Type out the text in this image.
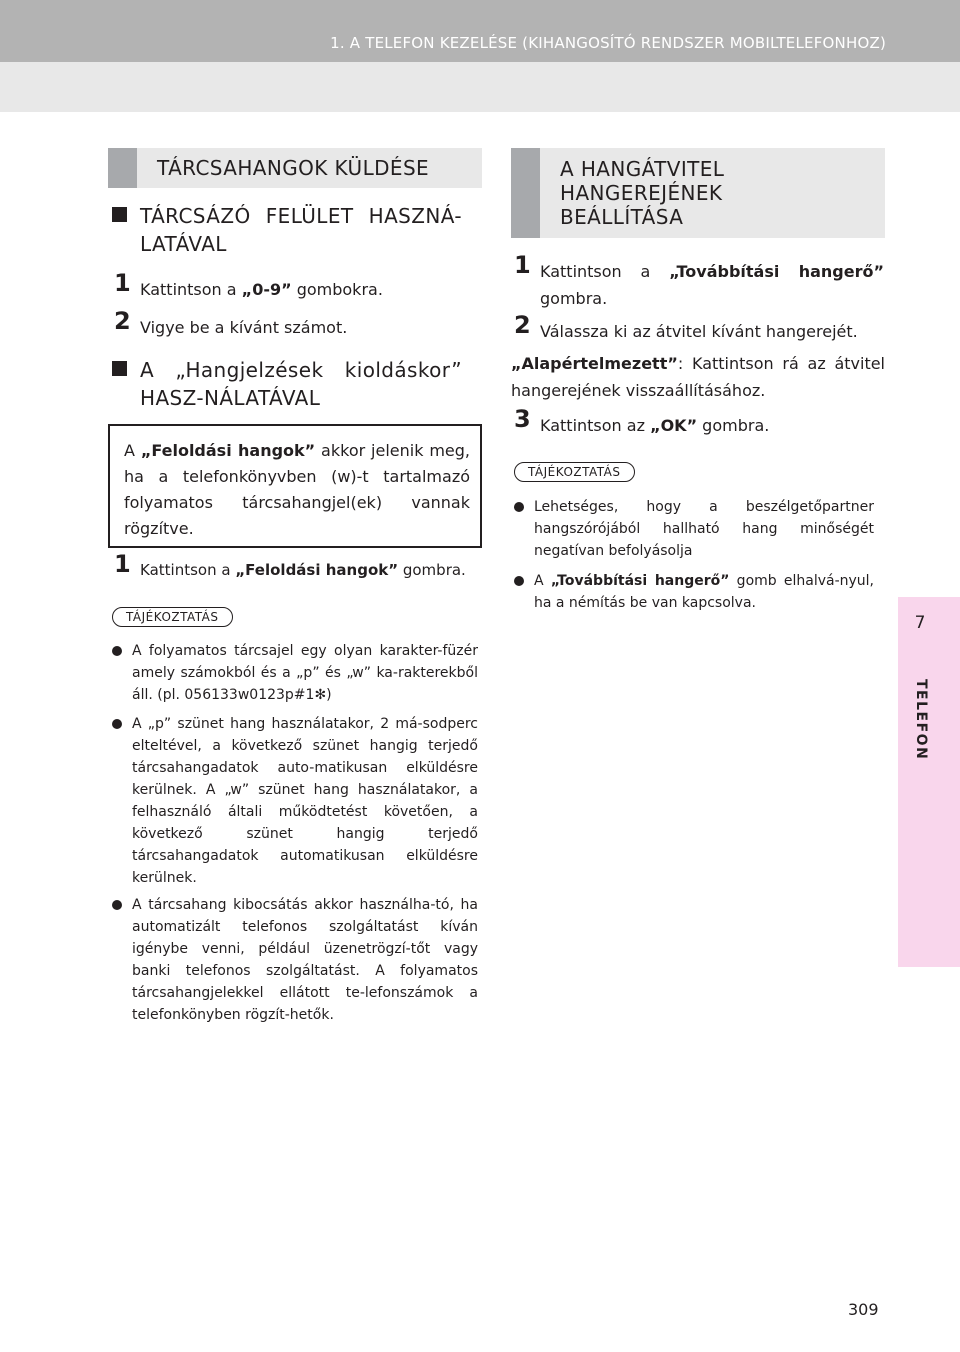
1. A TELEFON KEZELÉSE (KIHANGOSÍTÓ RENDSZER MOBILTELEFONHOZ)
7
TELEFON
TÁRCSAHANGOK KÜLDÉSE
TÁRCSÁZÓ FELÜLET HASZNÁ-LATÁVAL
1 Kattintson a „0-9” gombokra.
2 Vigye be a kívánt számot.
A „Hangjelzések kioldáskor” HASZ-NÁLATÁVAL
A „Feloldási hangok” akkor jelenik meg, ha a telefonkönyvben (w)-t tartalmazó folyamatos tárcsahangjel(ek) vannak rögzítve.
1 Kattintson a „Feloldási hangok” gombra.
TÁJÉKOZTATÁS
A folyamatos tárcsajel egy olyan karakter-füzér amely számokból és a „p” és „w” ka-rakterekből áll. (pl. 056133w0123p#1✻)
A „p” szünet hang használatakor, 2 má-sodperc elteltével, a következő szünet hangig terjedő tárcsahangadatok auto-matikusan elküldésre kerülnek. A „w” szünet hang használatakor, a felhasználó általi működtetést követően, a következő szünet hangig terjedő tárcsahangadatok automatikusan elküldésre kerülnek.
A tárcsahang kibocsátás akkor használha-tó, ha automatizált telefonos szolgáltatást kíván igénybe venni, például üzenetrögzí-tőt vagy banki telefonos szolgáltatást. A folyamatos tárcsahangjelekkel ellátott te-lefonszámok a telefonkönyben rögzít-hetők.
A HANGÁTVITEL
HANGEREJÉNEK
BEÁLLÍTÁSA
1 Kattintson a „Továbbítási hangerő” gombra.
2 Válassza ki az átvitel kívánt hangerejét.
„Alapértelmezett”: Kattintson rá az átvitel hangerejének visszaállításához.
3 Kattintson az „OK” gombra.
TÁJÉKOZTATÁS
Lehetséges, hogy a beszélgetőpartner hangszórójából hallható hang minőségét negatívan befolyásolja
A „Továbbítási hangerő” gomb elhalvá-nyul, ha a némítás be van kapcsolva.
309
